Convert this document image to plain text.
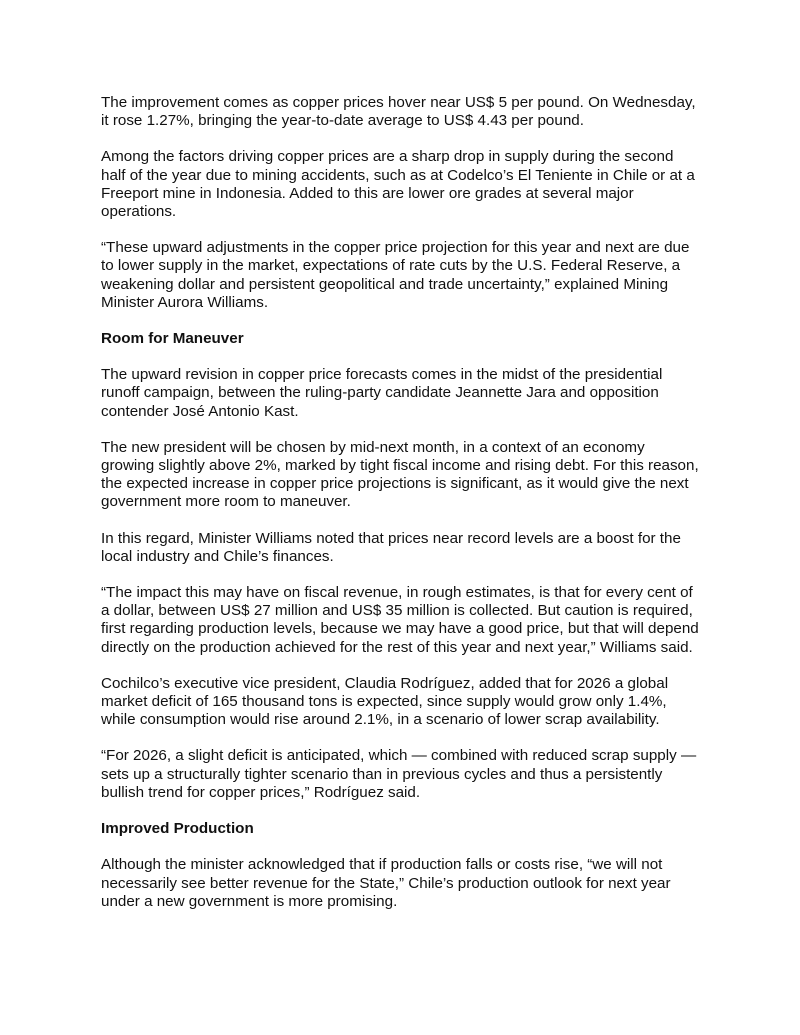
The improvement comes as copper prices hover near US$ 5 per pound. On Wednesday, it rose 1.27%, bringing the year-to-date average to US$ 4.43 per pound.

Among the factors driving copper prices are a sharp drop in supply during the second half of the year due to mining accidents, such as at Codelco’s El Teniente in Chile or at a Freeport mine in Indonesia. Added to this are lower ore grades at several major operations.

“These upward adjustments in the copper price projection for this year and next are due to lower supply in the market, expectations of rate cuts by the U.S. Federal Reserve, a weakening dollar and persistent geopolitical and trade uncertainty,” explained Mining Minister Aurora Williams.

Room for Maneuver

The upward revision in copper price forecasts comes in the midst of the presidential runoff campaign, between the ruling-party candidate Jeannette Jara and opposition contender José Antonio Kast.

The new president will be chosen by mid-next month, in a context of an economy growing slightly above 2%, marked by tight fiscal income and rising debt. For this reason, the expected increase in copper price projections is significant, as it would give the next government more room to maneuver.

In this regard, Minister Williams noted that prices near record levels are a boost for the local industry and Chile’s finances.

“The impact this may have on fiscal revenue, in rough estimates, is that for every cent of a dollar, between US$ 27 million and US$ 35 million is collected. But caution is required, first regarding production levels, because we may have a good price, but that will depend directly on the production achieved for the rest of this year and next year,” Williams said.

Cochilco’s executive vice president, Claudia Rodríguez, added that for 2026 a global market deficit of 165 thousand tons is expected, since supply would grow only 1.4%, while consumption would rise around 2.1%, in a scenario of lower scrap availability.

“For 2026, a slight deficit is anticipated, which — combined with reduced scrap supply — sets up a structurally tighter scenario than in previous cycles and thus a persistently bullish trend for copper prices,” Rodríguez said.

Improved Production

Although the minister acknowledged that if production falls or costs rise, “we will not necessarily see better revenue for the State,” Chile’s production outlook for next year under a new government is more promising.
